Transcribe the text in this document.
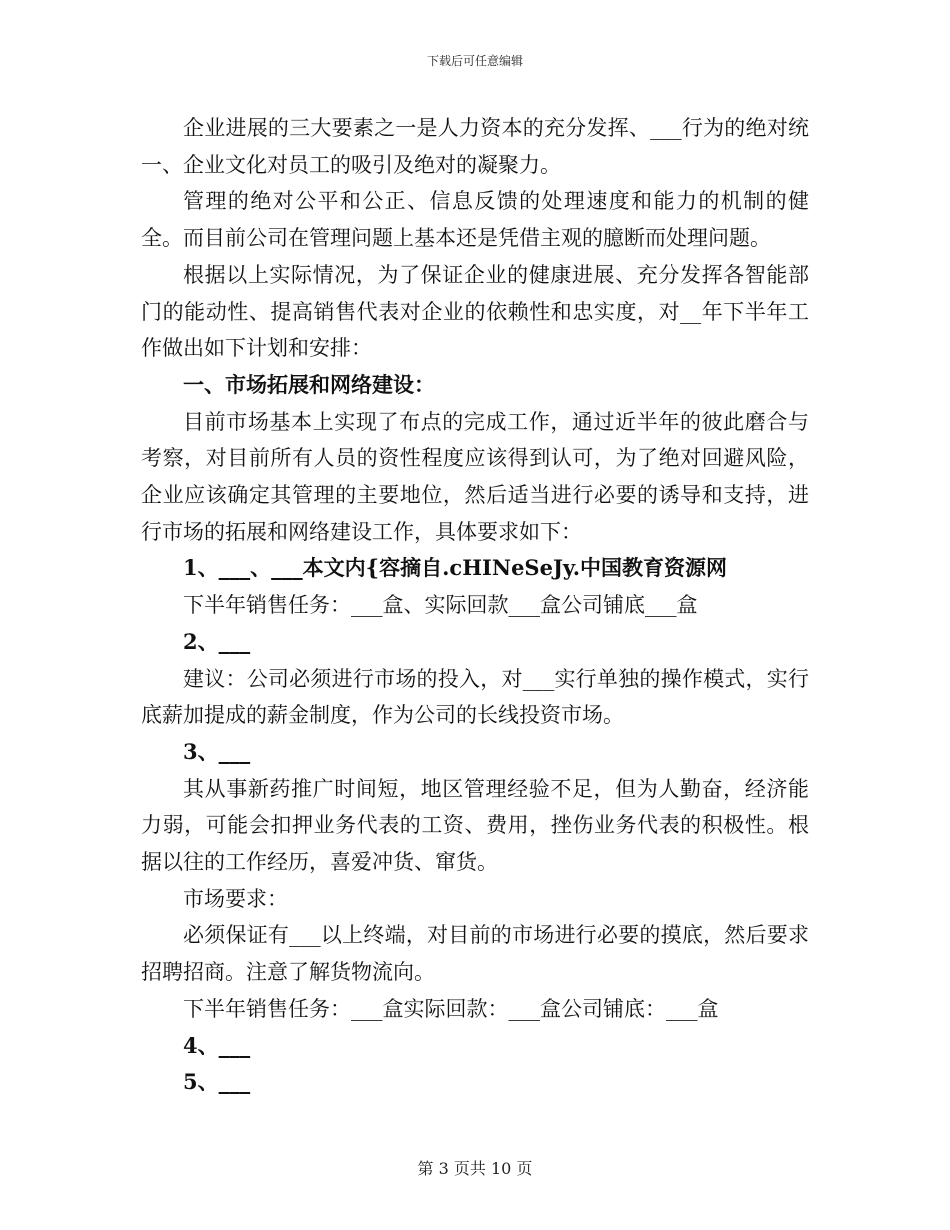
下载后可任意编辑

企业进展的三大要素之一是人力资本的充分发挥、___行为的绝对统一、企业文化对员工的吸引及绝对的凝聚力。

管理的绝对公平和公正、信息反馈的处理速度和能力的机制的健全。而目前公司在管理问题上基本还是凭借主观的臆断而处理问题。

根据以上实际情况，为了保证企业的健康进展、充分发挥各智能部门的能动性、提高销售代表对企业的依赖性和忠实度，对__年下半年工作做出如下计划和安排：

一、市场拓展和网络建设：

目前市场基本上实现了布点的完成工作，通过近半年的彼此磨合与考察，对目前所有人员的资性程度应该得到认可，为了绝对回避风险，企业应该确定其管理的主要地位，然后适当进行必要的诱导和支持，进行市场的拓展和网络建设工作，具体要求如下：

1、___、___本文内{容摘自.cHINeSeJy.中国教育资源网

下半年销售任务：___盒、实际回款___盒公司铺底___盒

2、___

建议：公司必须进行市场的投入，对___实行单独的操作模式，实行底薪加提成的薪金制度，作为公司的长线投资市场。

3、___

其从事新药推广时间短，地区管理经验不足，但为人勤奋，经济能力弱，可能会扣押业务代表的工资、费用，挫伤业务代表的积极性。根据以往的工作经历，喜爱冲货、窜货。

市场要求：

必须保证有___以上终端，对目前的市场进行必要的摸底，然后要求招聘招商。注意了解货物流向。

下半年销售任务：___盒实际回款：___盒公司铺底：___盒

4、___

5、___

第 3 页共 10 页
